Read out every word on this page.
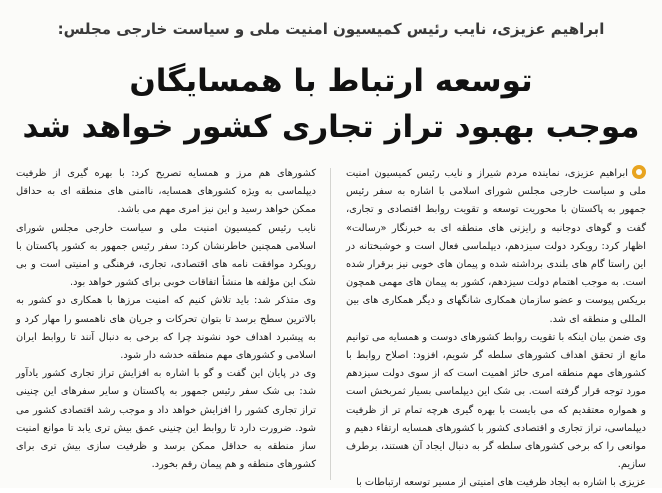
ابراهیم عزیزی، نایب رئیس کمیسیون امنیت ملی و سیاست خارجی مجلس:
توسعه ارتباط با همسایگان
موجب بهبود تراز تجاری کشور خواهد شد

ابراهیم عزیزی، نماینده مردم شیراز و نایب رئیس کمیسیون امنیت ملی و سیاست خارجی مجلس شورای اسلامی با اشاره به سفر رئیس جمهور به پاکستان با محوریت توسعه و تقویت روابط اقتصادی و تجاری، گفت و گوهای دوجانبه و رایزنی های منطقه ای به خبرنگار «رسالت» اظهار کرد: رویکرد دولت سیزدهم، دیپلماسی فعال است و خوشبختانه در این راستا گام های بلندی برداشته شده و پیمان های خوبی نیز برقرار شده است. به موجب اهتمام دولت سیزدهم، کشور به پیمان های مهمی همچون بریکس پیوست و عضو سازمان همکاری شانگهای و دیگر همکاری های بین المللی و منطقه ای شد.

وی ضمن بیان اینکه با تقویت روابط کشورهای دوست و همسایه می توانیم مانع از تحقق اهداف کشورهای سلطه گر شویم، افزود: اصلاح روابط با کشورهای مهم منطقه امری حائز اهمیت است که از سوی دولت سیزدهم مورد توجه قرار گرفته است. بی شک این دیپلماسی بسیار ثمربخش است و همواره معتقدیم که می بایست با بهره گیری هرچه تمام تر از ظرفیت دیپلماسی، تراز تجاری و اقتصادی کشور با کشورهای همسایه ارتقاء دهیم و موانعی را که برخی کشورهای سلطه گر به دنبال ایجاد آن هستند، برطرف سازیم.

عزیزی با اشاره به ایجاد ظرفیت های امنیتی از مسیر توسعه ارتباطات با

کشورهای هم مرز و همسایه تصریح کرد: با بهره گیری از ظرفیت دیپلماسی به ویژه کشورهای همسایه، ناامنی های منطقه ای به حداقل ممکن خواهد رسید و این نیز امری مهم می باشد.

نایب رئیس کمیسیون امنیت ملی و سیاست خارجی مجلس شورای اسلامی همچنین خاطرنشان کرد: سفر رئیس جمهور به کشور پاکستان با رویکرد موافقت نامه های اقتصادی، تجاری، فرهنگی و امنیتی است و بی شک این مؤلفه ها منشأ اتفاقات خوبی برای کشور خواهد بود.

وی متذکر شد: باید تلاش کنیم که امنیت مرزها با همکاری دو کشور به بالاترین سطح برسد تا بتوان تحرکات و جریان های ناهمسو را مهار کرد و به پیشبرد اهداف خود نشوند چرا که برخی به دنبال آنند تا روابط ایران اسلامی و کشورهای مهم منطقه خدشه دار شود.

وی در پایان این گفت و گو با اشاره به افزایش تراز تجاری کشور یادآور شد: بی شک سفر رئیس جمهور به پاکستان و سایر سفرهای این چنینی تراز تجاری کشور را افزایش خواهد داد و موجب رشد اقتصادی کشور می شود. ضرورت دارد تا روابط این چنینی عمق بیش تری یابد تا موانع امنیت ساز منطقه به حداقل ممکن برسد و ظرفیت سازی بیش تری برای کشورهای منطقه و هم پیمان رقم بخورد.
